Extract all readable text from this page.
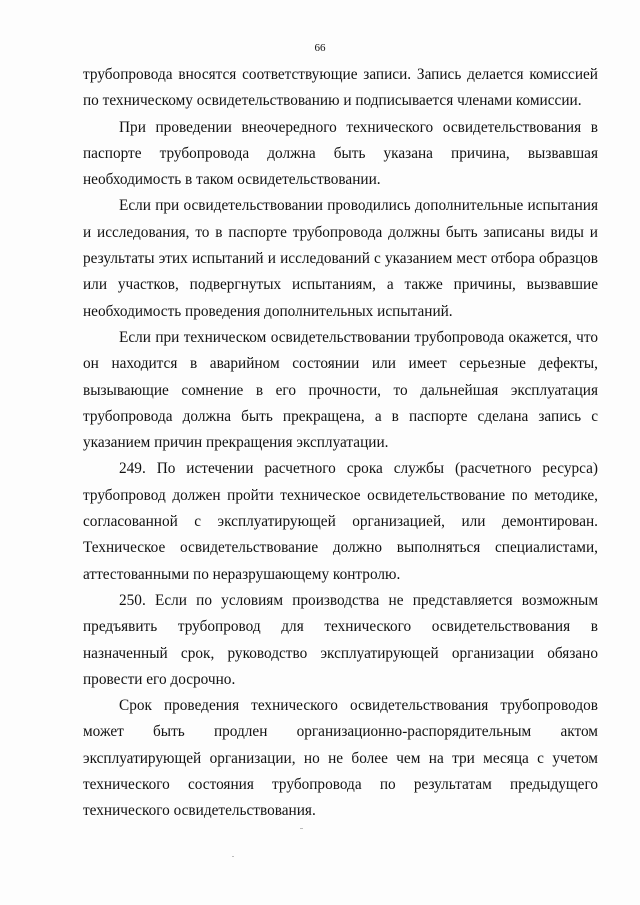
66

трубопровода вносятся соответствующие записи. Запись делается комиссией по техническому освидетельствованию и подписывается членами комиссии.

При проведении внеочередного технического освидетельствования в паспорте трубопровода должна быть указана причина, вызвавшая необходимость в таком освидетельствовании.

Если при освидетельствовании проводились дополнительные испытания и исследования, то в паспорте трубопровода должны быть записаны виды и результаты этих испытаний и исследований с указанием мест отбора образцов или участков, подвергнутых испытаниям, а также причины, вызвавшие необходимость проведения дополнительных испытаний.

Если при техническом освидетельствовании трубопровода окажется, что он находится в аварийном состоянии или имеет серьезные дефекты, вызывающие сомнение в его прочности, то дальнейшая эксплуатация трубопровода должна быть прекращена, а в паспорте сделана запись с указанием причин прекращения эксплуатации.

249. По истечении расчетного срока службы (расчетного ресурса) трубопровод должен пройти техническое освидетельствование по методике, согласованной с эксплуатирующей организацией, или демонтирован. Техническое освидетельствование должно выполняться специалистами, аттестованными по неразрушающему контролю.

250. Если по условиям производства не представляется возможным предъявить трубопровод для технического освидетельствования в назначенный срок, руководство эксплуатирующей организации обязано провести его досрочно.

Срок проведения технического освидетельствования трубопроводов может быть продлен организационно-распорядительным актом эксплуатирующей организации, но не более чем на три месяца с учетом технического состояния трубопровода по результатам предыдущего технического освидетельствования.
